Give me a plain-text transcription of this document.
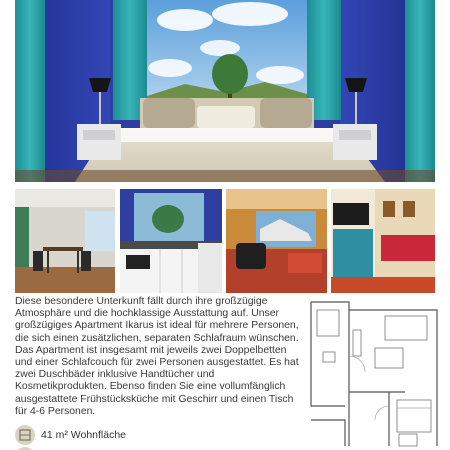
Diese besondere Unterkunft fällt durch ihre großzügige

Atmosphäre und die hochklassige Ausstattung auf. Unser

großzügiges Apartment Ikarus ist ideal für mehrere Personen,

die sich einen zusätzlichen, separaten Schlafraum wünschen.

Das Apartment ist insgesamt mit jeweils zwei Doppelbetten

und einer Schlafcouch für zwei Personen ausgestattet. Es hat

zwei Duschbäder inklusive Handtücher und

Kosmetikprodukten. Ebenso finden Sie eine vollumfänglich

ausgestattete Frühstücksküche mit Geschirr und einen Tisch

für 4-6 Personen.

41 m² Wohnfläche
